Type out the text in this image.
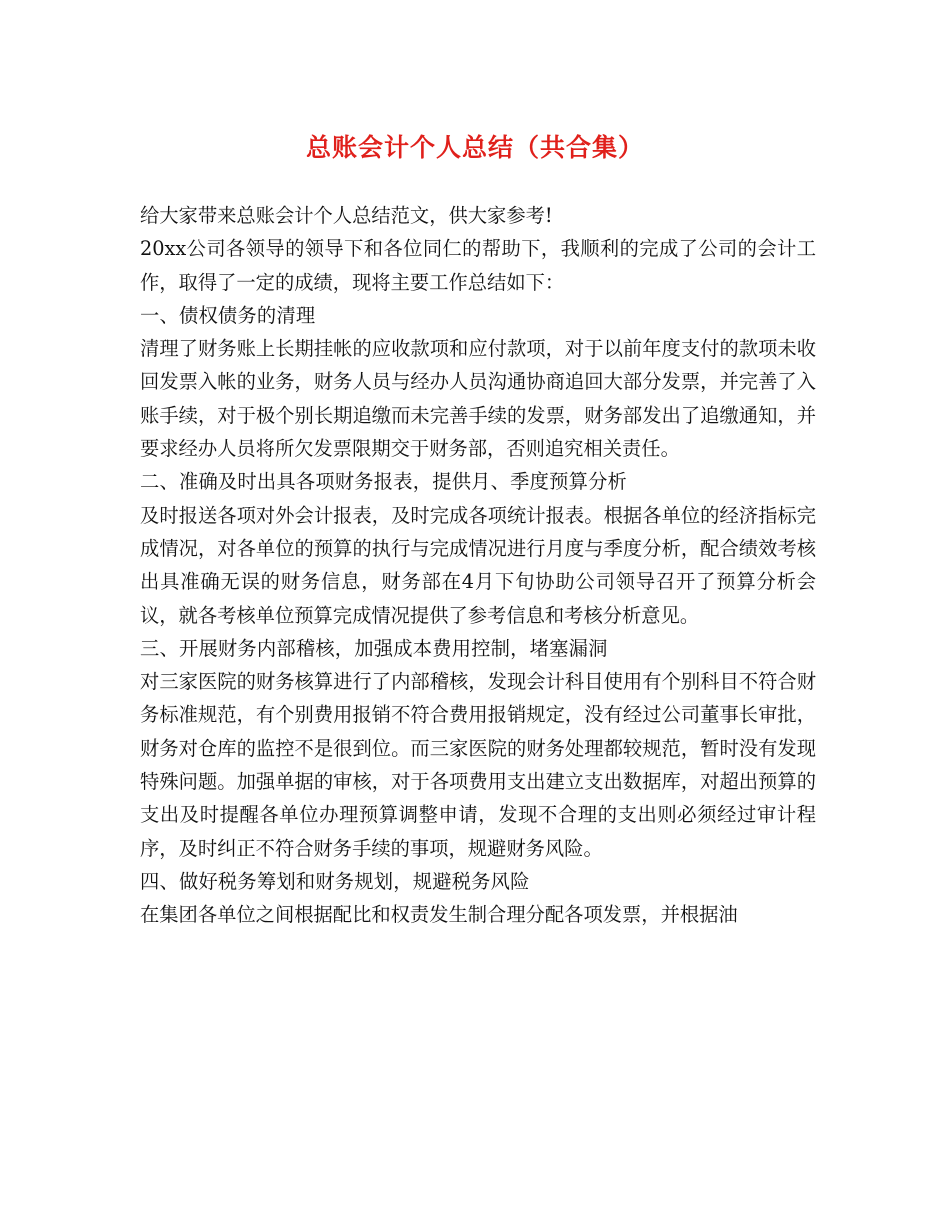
总账会计个人总结（共合集）

给大家带来总账会计个人总结范文，供大家参考!

20xx公司各领导的领导下和各位同仁的帮助下，我顺利的完成了公司的会计工作，取得了一定的成绩，现将主要工作总结如下：

一、债权债务的清理

清理了财务账上长期挂帐的应收款项和应付款项，对于以前年度支付的款项未收回发票入帐的业务，财务人员与经办人员沟通协商追回大部分发票，并完善了入账手续，对于极个别长期追缴而未完善手续的发票，财务部发出了追缴通知，并要求经办人员将所欠发票限期交于财务部，否则追究相关责任。

二、准确及时出具各项财务报表，提供月、季度预算分析

及时报送各项对外会计报表，及时完成各项统计报表。根据各单位的经济指标完成情况，对各单位的预算的执行与完成情况进行月度与季度分析，配合绩效考核出具准确无误的财务信息，财务部在4月下旬协助公司领导召开了预算分析会议，就各考核单位预算完成情况提供了参考信息和考核分析意见。

三、开展财务内部稽核，加强成本费用控制，堵塞漏洞

对三家医院的财务核算进行了内部稽核，发现会计科目使用有个别科目不符合财务标准规范，有个别费用报销不符合费用报销规定，没有经过公司董事长审批，财务对仓库的监控不是很到位。而三家医院的财务处理都较规范，暂时没有发现特殊问题。加强单据的审核，对于各项费用支出建立支出数据库，对超出预算的支出及时提醒各单位办理预算调整申请，发现不合理的支出则必须经过审计程序，及时纠正不符合财务手续的事项，规避财务风险。

四、做好税务筹划和财务规划，规避税务风险

在集团各单位之间根据配比和权责发生制合理分配各项发票，并根据油
